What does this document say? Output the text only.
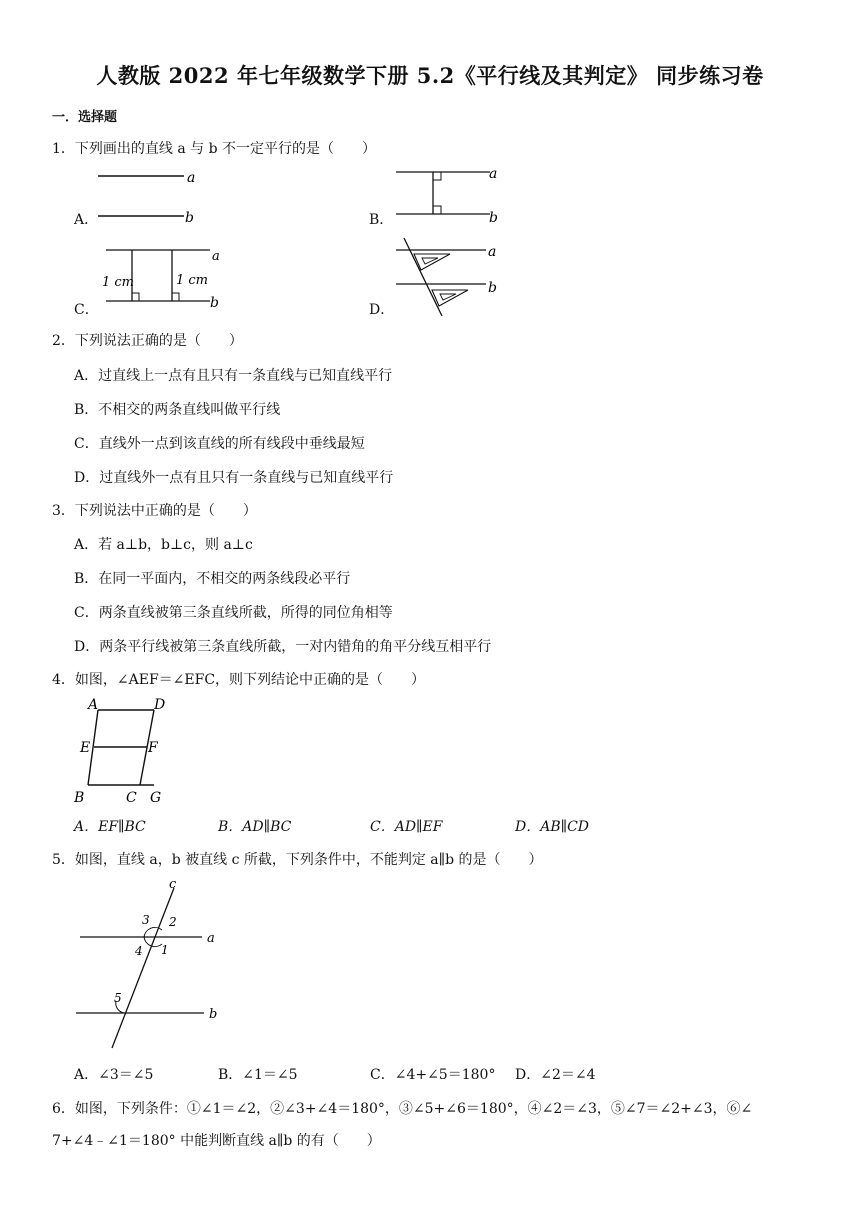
人教版 2022 年七年级数学下册 5.2《平行线及其判定》 同步练习卷
一．选择题
1．下列画出的直线 a 与 b 不一定平行的是（　　）
A．
a
b	B．
a
b
C．
1 cm	1 cm
a
b	D．
a
b
2．下列说法正确的是（　　）
A．过直线上一点有且只有一条直线与已知直线平行
B．不相交的两条直线叫做平行线
C．直线外一点到该直线的所有线段中垂线最短
D．过直线外一点有且只有一条直线与已知直线平行
3．下列说法中正确的是（　　）
A．若 a⊥b，b⊥c，则 a⊥c
B．在同一平面内，不相交的两条线段必平行
C．两条直线被第三条直线所截，所得的同位角相等
D．两条平行线被第三条直线所截，一对内错角的角平分线互相平行
4．如图，∠AEF＝∠EFC，则下列结论中正确的是（　　）
A	D
E	F
B	C G
A．EF∥BC	B．AD∥BC	C．AD∥EF	D．AB∥CD
5．如图，直线 a，b 被直线 c 所截，下列条件中，不能判定 a∥b 的是（　　）
c
a
b
3 2
4 1
5
A．∠3＝∠5	B．∠1＝∠5	C．∠4+∠5＝180° D．∠2＝∠4
6．如图，下列条件：①∠1＝∠2，②∠3+∠4＝180°，③∠5+∠6＝180°，④∠2＝∠3，⑤∠7＝∠2+∠3，⑥∠
7+∠4﹣∠1＝180° 中能判断直线 a∥b 的有（　　）
